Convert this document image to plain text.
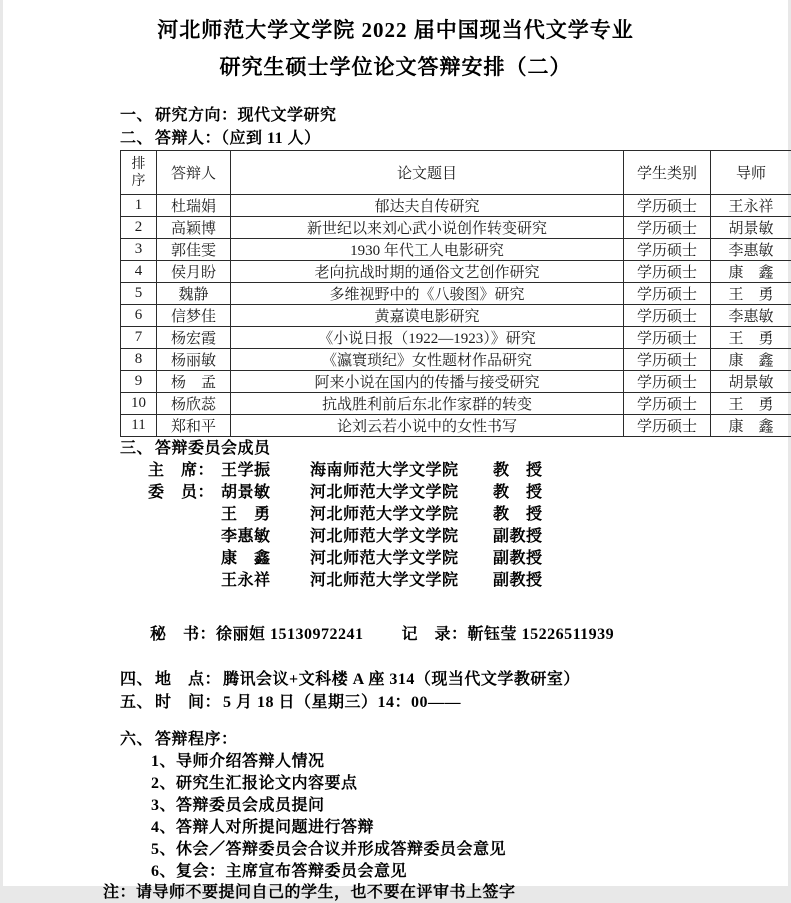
河北师范大学文学院 2022 届中国现当代文学专业
研究生硕士学位论文答辩安排（二）
一、 研究方向：现代文学研究
二、 答辩人：（应到 11 人）
排序	答辩人	论文题目	学生类别	导师
1	杜瑞娟	郁达夫自传研究	学历硕士	王永祥
2	高颖博	新世纪以来刘心武小说创作转变研究	学历硕士	胡景敏
3	郭佳雯	1930 年代工人电影研究	学历硕士	李惠敏
4	侯月盼	老向抗战时期的通俗文艺创作研究	学历硕士	康　鑫
5	魏静	多维视野中的《八骏图》研究	学历硕士	王　勇
6	信梦佳	黄嘉谟电影研究	学历硕士	李惠敏
7	杨宏霞	《小说日报（1922—1923）》研究	学历硕士	王　勇
8	杨丽敏	《瀛寰琐纪》女性题材作品研究	学历硕士	康　鑫
9	杨　孟	阿来小说在国内的传播与接受研究	学历硕士	胡景敏
10	杨欣蕊	抗战胜利前后东北作家群的转变	学历硕士	王　勇
11	郑和平	论刘云若小说中的女性书写	学历硕士	康　鑫
三、 答辩委员会成员
主　席： 王学振	海南师范大学文学院	教　授
委　员： 胡景敏	河北师范大学文学院	教　授
王　勇	河北师范大学文学院	教　授
李惠敏	河北师范大学文学院	副教授
康　鑫	河北师范大学文学院	副教授
王永祥	河北师范大学文学院	副教授
秘　书：徐丽姮 15130972241 记　录：靳钰莹 15226511939
四、 地　点： 腾讯会议+文科楼 A 座 314（现当代文学教研室）
五、 时　间： 5 月 18 日（星期三）14：00——
六、 答辩程序：
1、导师介绍答辩人情况
2、研究生汇报论文内容要点
3、答辩委员会成员提问
4、答辩人对所提问题进行答辩
5、休会／答辩委员会合议并形成答辩委员会意见
6、复会：主席宣布答辩委员会意见
注：请导师不要提问自己的学生，也不要在评审书上签字
